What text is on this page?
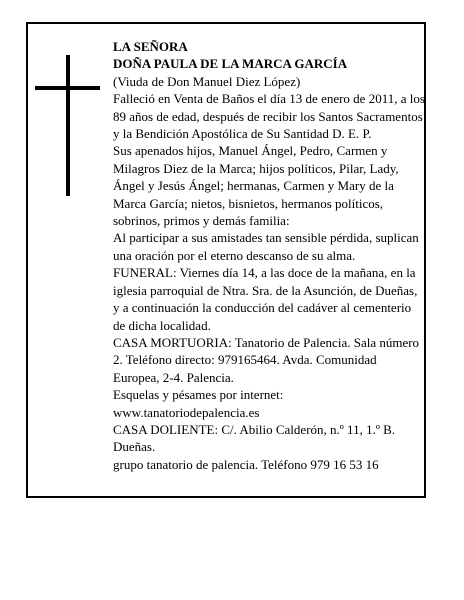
LA SEÑORA

DOÑA PAULA DE LA MARCA GARCÍA

(Viuda de Don Manuel Diez López)

Falleció en Venta de Baños el día 13 de enero de 2011, a los 89 años de edad, después de recibir los Santos Sacramentos y la Bendición Apostólica de Su Santidad D. E. P.

Sus apenados hijos, Manuel Ángel, Pedro, Carmen y Milagros Diez de la Marca; hijos políticos, Pilar, Lady, Ángel y Jesús Ángel; hermanas, Carmen y Mary de la Marca García; nietos, bisnietos, hermanos políticos, sobrinos, primos y demás familia:

Al participar a sus amistades tan sensible pérdida, suplican una oración por el eterno descanso de su alma.

FUNERAL: Viernes día 14, a las doce de la mañana, en la iglesia parroquial de Ntra. Sra. de la Asunción, de Dueñas, y a continuación la conducción del cadáver al cementerio de dicha localidad.

CASA MORTUORIA: Tanatorio de Palencia. Sala número 2. Teléfono directo: 979165464. Avda. Comunidad Europea, 2-4. Palencia.

Esquelas y pésames por internet: www.tanatoriodepalencia.es

CASA DOLIENTE: C/. Abilio Calderón, n.º 11, 1.º B. Dueñas.

grupo tanatorio de palencia. Teléfono 979 16 53 16
